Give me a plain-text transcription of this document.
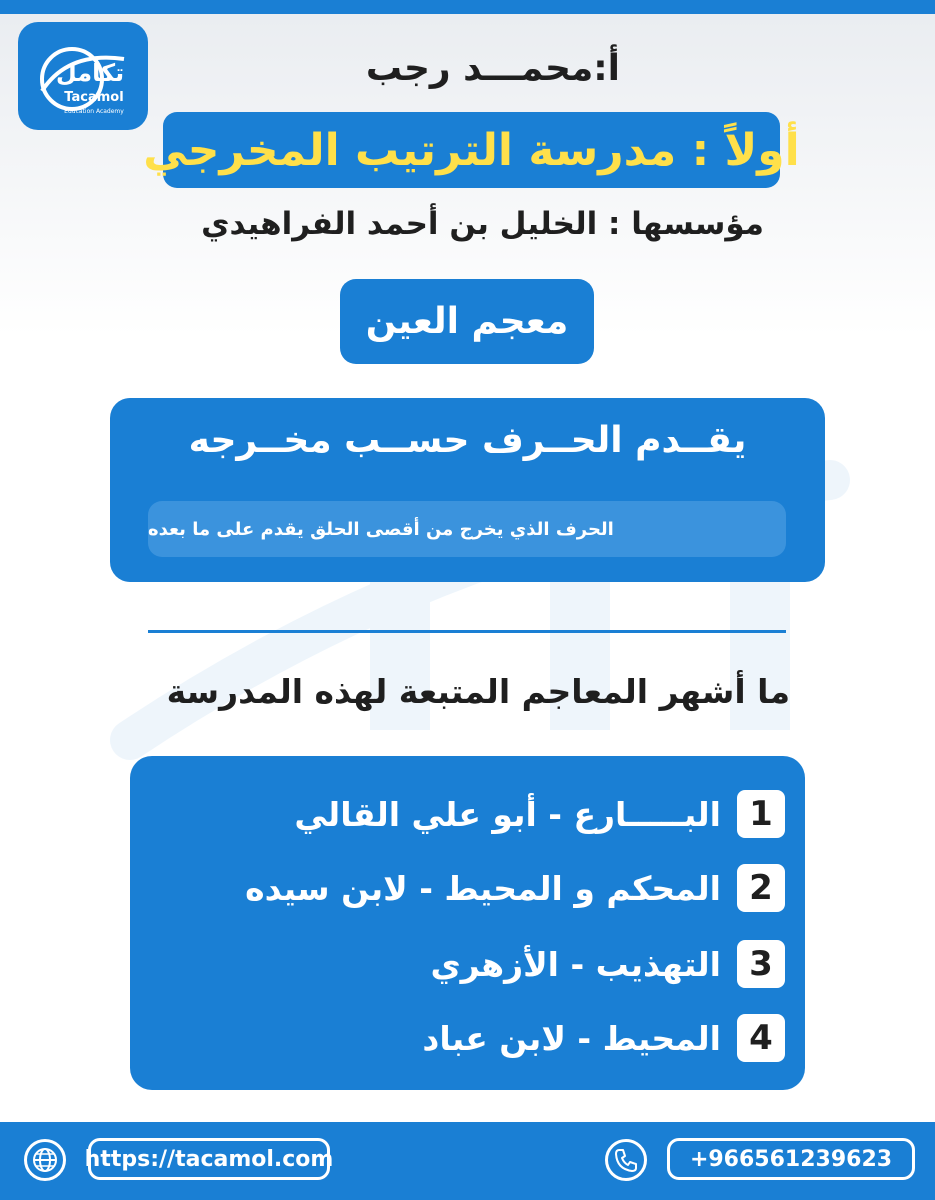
تكامل
Tacamol
Education Academy
أ:محمـــد رجب
أولاً : مدرسة الترتيب المخرجي
مؤسسها : الخليل بن أحمد الفراهيدي
معجم العين
يقــدم الحــرف حســب مخــرجه
الحرف الذي يخرج من أقصى الحلق يقدم على ما بعده
ما أشهر المعاجم المتبعة لهذه المدرسة
البـــــارع - أبو علي القالي 1
المحكم و المحيط - لابن سيده 2
التهذيب - الأزهري 3
المحيط - لابن عباد 4
https://tacamol.com	+966561239623
